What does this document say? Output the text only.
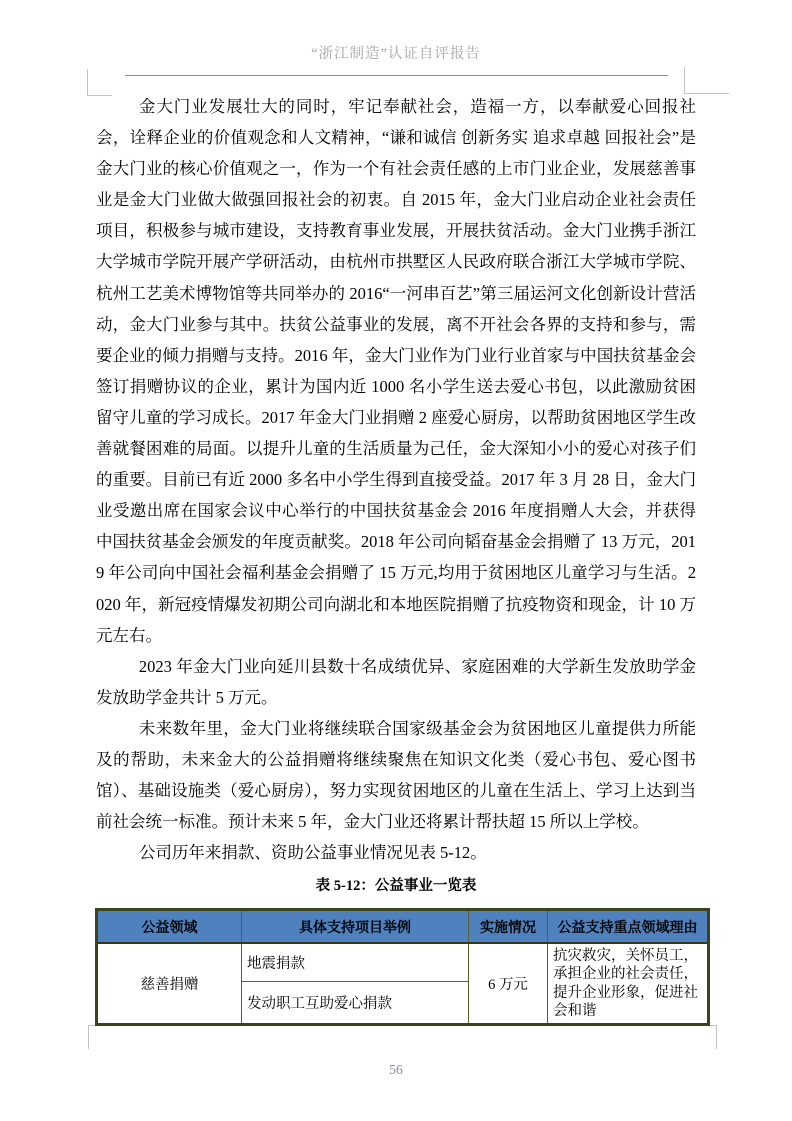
“浙江制造”认证自评报告

金大门业发展壮大的同时，牢记奉献社会，造福一方，以奉献爱心回报社会，诠释企业的价值观念和人文精神，“谦和诚信 创新务实 追求卓越 回报社会”是金大门业的核心价值观之一，作为一个有社会责任感的上市门业企业，发展慈善事业是金大门业做大做强回报社会的初衷。自 2015 年，金大门业启动企业社会责任项目，积极参与城市建设，支持教育事业发展，开展扶贫活动。金大门业携手浙江大学城市学院开展产学研活动，由杭州市拱墅区人民政府联合浙江大学城市学院、杭州工艺美术博物馆等共同举办的 2016“一河串百艺”第三届运河文化创新设计营活动，金大门业参与其中。扶贫公益事业的发展，离不开社会各界的支持和参与，需要企业的倾力捐赠与支持。2016 年，金大门业作为门业行业首家与中国扶贫基金会签订捐赠协议的企业，累计为国内近 1000 名小学生送去爱心书包，以此激励贫困留守儿童的学习成长。2017 年金大门业捐赠 2 座爱心厨房，以帮助贫困地区学生改善就餐困难的局面。以提升儿童的生活质量为己任，金大深知小小的爱心对孩子们的重要。目前已有近 2000 多名中小学生得到直接受益。2017 年 3 月 28 日，金大门业受邀出席在国家会议中心举行的中国扶贫基金会 2016 年度捐赠人大会，并获得中国扶贫基金会颁发的年度贡献奖。2018 年公司向韬奋基金会捐赠了 13 万元，2019 年公司向中国社会福利基金会捐赠了 15 万元,均用于贫困地区儿童学习与生活。2020 年，新冠疫情爆发初期公司向湖北和本地医院捐赠了抗疫物资和现金，计 10 万元左右。

2023 年金大门业向延川县数十名成绩优异、家庭困难的大学新生发放助学金发放助学金共计 5 万元。

未来数年里，金大门业将继续联合国家级基金会为贫困地区儿童提供力所能及的帮助，未来金大的公益捐赠将继续聚焦在知识文化类（爱心书包、爱心图书馆）、基础设施类（爱心厨房），努力实现贫困地区的儿童在生活上、学习上达到当前社会统一标准。预计未来 5 年，金大门业还将累计帮扶超 15 所以上学校。

公司历年来捐款、资助公益事业情况见表 5-12。

表 5-12：公益事业一览表
公益领域	具体支持项目举例	实施情况	公益支持重点领域理由
慈善捐赠	地震捐款	6 万元	抗灾救灾，关怀员工，承担企业的社会责任，提升企业形象，促进社会和谐
	发动职工互助爱心捐款		
56
